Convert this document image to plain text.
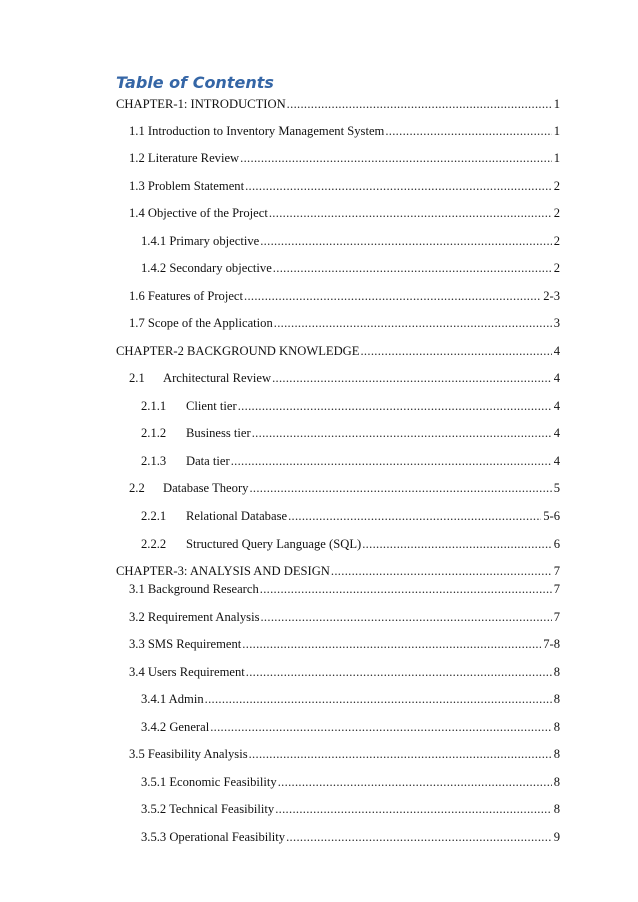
Table of Contents
CHAPTER-1: INTRODUCTION .....	1
1.1 Introduction to Inventory Management System .....	1
1.2 Literature Review .....	1
1.3 Problem Statement .....	2
1.4 Objective of the Project .....	2
1.4.1 Primary objective .....	2
1.4.2 Secondary objective .....	2
1.6 Features of Project .....	2-3
1.7 Scope of the Application .....	3
CHAPTER-2 BACKGROUND KNOWLEDGE .....	4
2.1	Architectural Review .....	4
2.1.1	Client tier .....	4
2.1.2	Business tier .....	4
2.1.3	Data tier .....	4
2.2	Database Theory .....	5
2.2.1	Relational Database .....	5-6
2.2.2	Structured Query Language (SQL) .....	6
CHAPTER-3: ANALYSIS AND DESIGN .....	7
3.1 Background Research .....	7
3.2 Requirement Analysis .....	7
3.3 SMS Requirement .....	7-8
3.4 Users Requirement .....	8
3.4.1 Admin .....	8
3.4.2 General .....	8
3.5 Feasibility Analysis .....	8
3.5.1 Economic Feasibility .....	8
3.5.2 Technical Feasibility .....	8
3.5.3 Operational Feasibility .....	9
